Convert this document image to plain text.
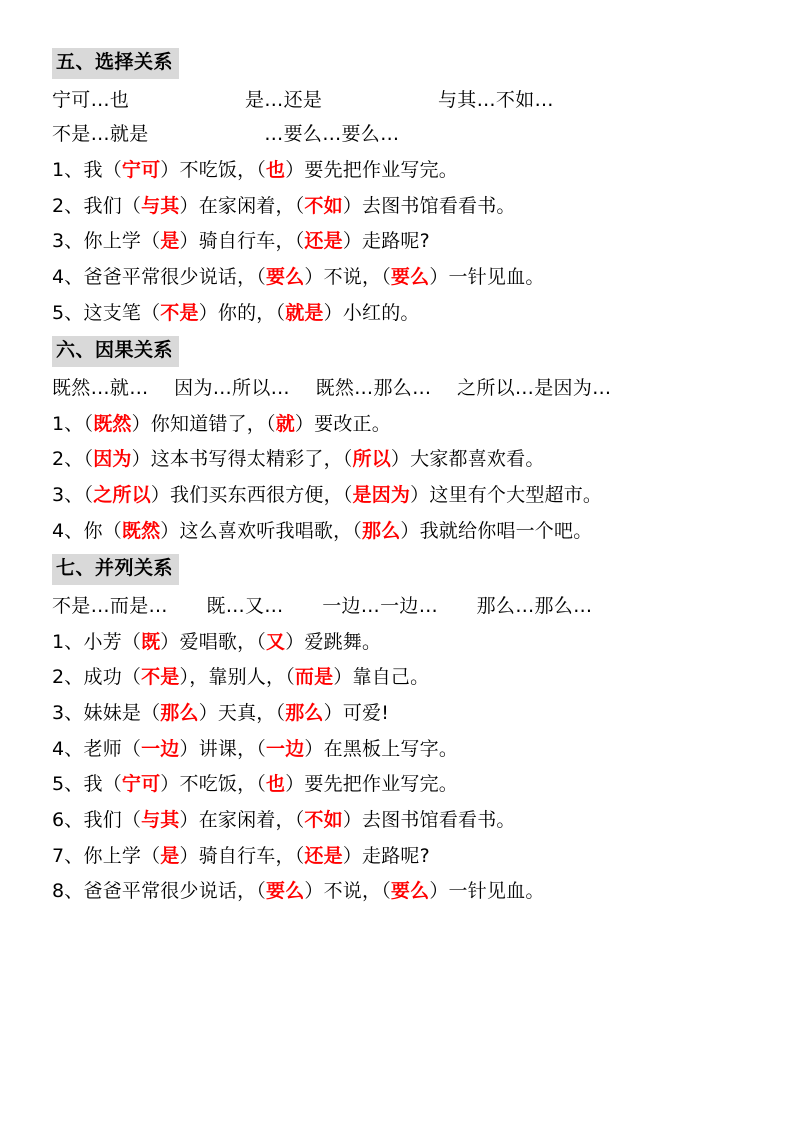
五、选择关系
宁可…也　　　　　　是…还是　　　　　　与其…不如…
不是…就是　　　　　　…要么…要么…
1、我（宁可）不吃饭，（也）要先把作业写完。
2、我们（与其）在家闲着，（不如）去图书馆看看书。
3、你上学（是）骑自行车，（还是）走路呢?
4、爸爸平常很少说话，（要么）不说，（要么）一针见血。
5、这支笔（不是）你的，（就是）小红的。
六、因果关系
既然…就…　 因为…所以…　 既然…那么…　 之所以…是因为…
1、（既然）你知道错了，（就）要改正。
2、（因为）这本书写得太精彩了，（所以）大家都喜欢看。
3、（之所以）我们买东西很方便，（是因为）这里有个大型超市。
4、你（既然）这么喜欢听我唱歌，（那么）我就给你唱一个吧。
七、并列关系
不是…而是…　　既…又…　　一边…一边…　　那么…那么…
1、小芳（既）爱唱歌，（又）爱跳舞。
2、成功（不是），靠别人，（而是）靠自己。
3、妹妹是（那么）天真，（那么）可爱!
4、老师（一边）讲课，（一边）在黑板上写字。
5、我（宁可）不吃饭，（也）要先把作业写完。
6、我们（与其）在家闲着，（不如）去图书馆看看书。
7、你上学（是）骑自行车，（还是）走路呢?
8、爸爸平常很少说话，（要么）不说，（要么）一针见血。
